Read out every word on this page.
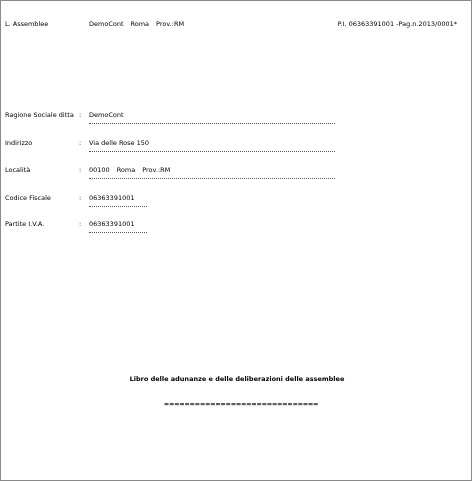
L. Assemblee	DemoCont Roma Prov.:RM	P.I. 06363391001 -Pag.n.2013/0001*
Ragione Sociale ditta : DemoCont
Indirizzo	: Via delle Rose 150
Località	: 00100 Roma Prov.:RM
Codice Fiscale	: 06363391001
Partite I.V.A.	: 06363391001
Libro delle adunanze e delle deliberazioni delle assemblee
==============================
